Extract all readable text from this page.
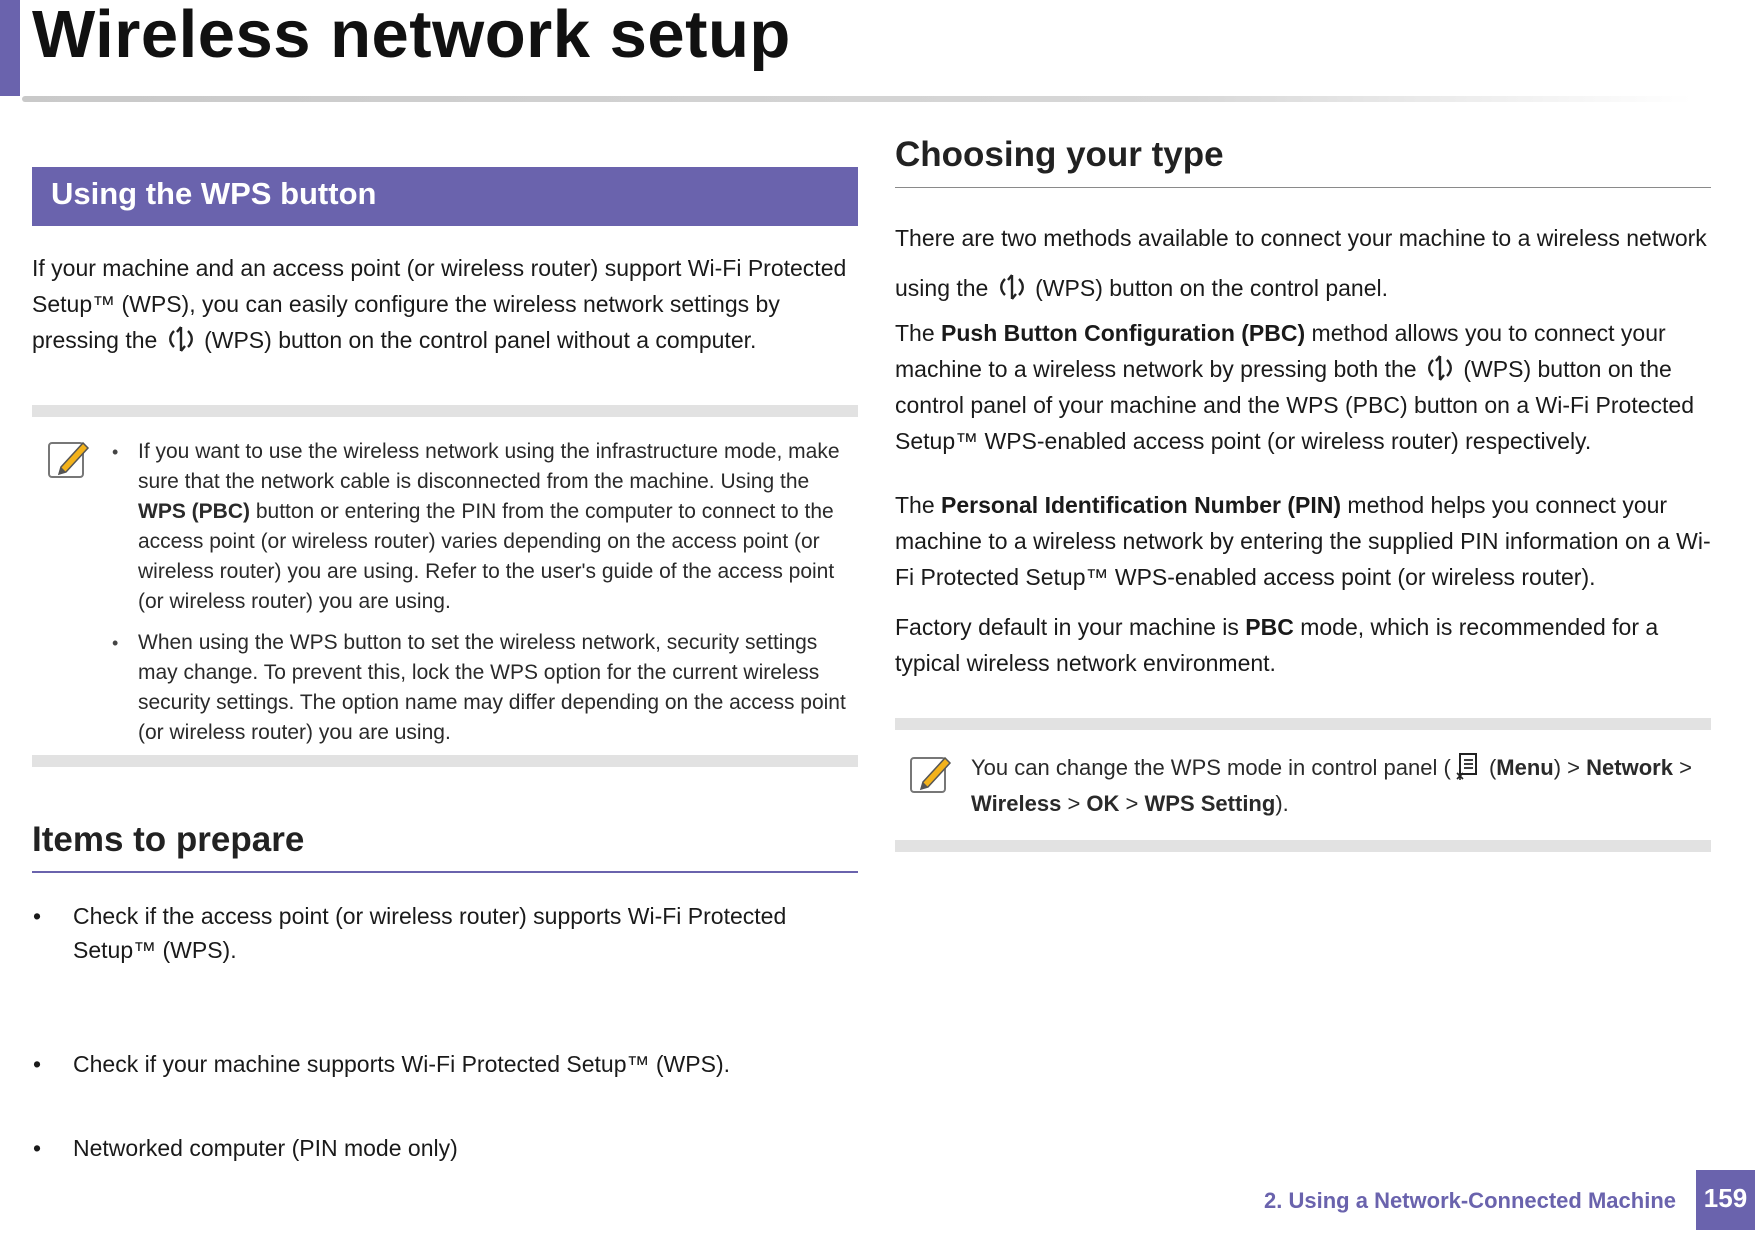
Wireless network setup
Using the WPS button
If your machine and an access point (or wireless router) support Wi-Fi Protected Setup™ (WPS), you can easily configure the wireless network settings by pressing the (WPS) button on the control panel without a computer.
• If you want to use the wireless network using the infrastructure mode, make sure that the network cable is disconnected from the machine. Using the WPS (PBC) button or entering the PIN from the computer to connect to the access point (or wireless router) varies depending on the access point (or wireless router) you are using. Refer to the user's guide of the access point (or wireless router) you are using.
• When using the WPS button to set the wireless network, security settings may change. To prevent this, lock the WPS option for the current wireless security settings. The option name may differ depending on the access point (or wireless router) you are using.
Items to prepare
• Check if the access point (or wireless router) supports Wi-Fi Protected Setup™ (WPS).
• Check if your machine supports Wi-Fi Protected Setup™ (WPS).
• Networked computer (PIN mode only)
Choosing your type
There are two methods available to connect your machine to a wireless network using the (WPS) button on the control panel.
The Push Button Configuration (PBC) method allows you to connect your machine to a wireless network by pressing both the (WPS) button on the control panel of your machine and the WPS (PBC) button on a Wi-Fi Protected Setup™ WPS-enabled access point (or wireless router) respectively.
The Personal Identification Number (PIN) method helps you connect your machine to a wireless network by entering the supplied PIN information on a Wi-Fi Protected Setup™ WPS-enabled access point (or wireless router).
Factory default in your machine is PBC mode, which is recommended for a typical wireless network environment.
You can change the WPS mode in control panel ( (Menu) > Network > Wireless > OK > WPS Setting).
2. Using a Network-Connected Machine 159
